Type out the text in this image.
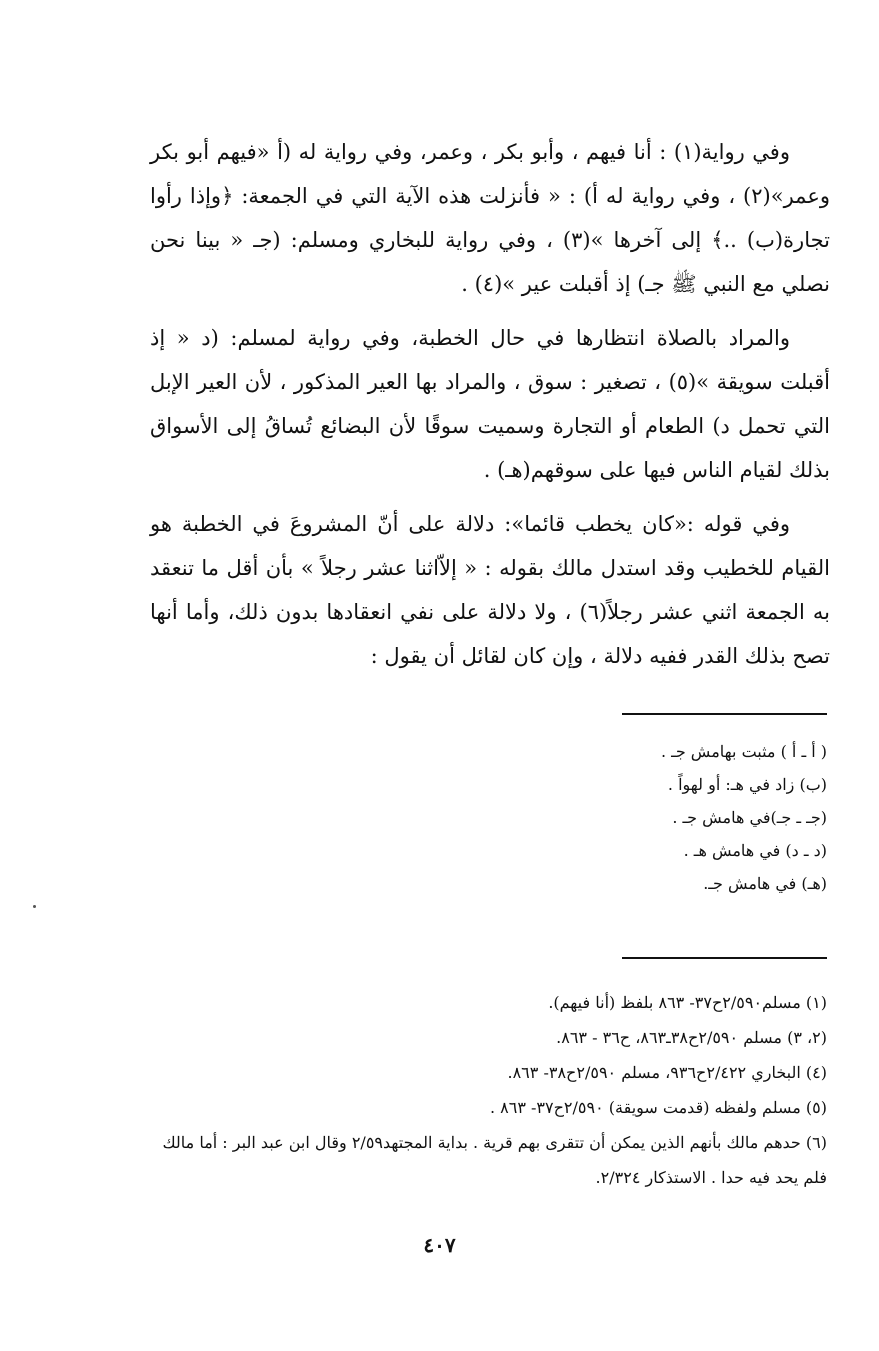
وفي رواية(١) : أنا فيهم ، وأبو بكر ، وعمر، وفي رواية له (أ «فيهم أبو بكر وعمر»(٢) ، وفي رواية له أ) : « فأنزلت هذه الآية التي في الجمعة: ﴿وإذا رأوا تجارة(ب) ..﴾ إلى آخرها »(٣) ، وفي رواية للبخاري ومسلم: (جـ « بينا نحن نصلي مع النبي ﷺ جـ) إذ أقبلت عير »(٤) .

والمراد بالصلاة انتظارها في حال الخطبة، وفي رواية لمسلم: (د « إذ أقبلت سويقة »(٥) ، تصغير : سوق ، والمراد بها العير المذكور ، لأن العير الإبل التي تحمل د) الطعام أو التجارة وسميت سوقًا لأن البضائع تُساقُ إلى الأسواق بذلك لقيام الناس فيها على سوقهم(هـ) .

وفي قوله :«كان يخطب قائما»: دلالة على أنّ المشروعَ في الخطبة هو القيام للخطيب وقد استدل مالك بقوله : « إلاّاثنا عشر رجلاً » بأن أقل ما تنعقد به الجمعة اثني عشر رجلاً(٦) ، ولا دلالة على نفي انعقادها بدون ذلك، وأما أنها تصح بذلك القدر ففيه دلالة ، وإن كان لقائل أن يقول :

( أ ـ أ ) مثبت بهامش جـ .
(ب) زاد في هـ: أو لهواً .
(جـ ـ جـ)في هامش جـ .
(د ـ د) في هامش هـ .
(هـ) في هامش جـ.
(١) مسلم٢/٥٩٠ح٣٧- ٨٦٣ بلفظ (أنا فيهم).
(٢، ٣) مسلم ٢/٥٩٠ح٣٨ـ٨٦٣، ح٣٦ - ٨٦٣.
(٤) البخاري ٢/٤٢٢ح٩٣٦، مسلم ٢/٥٩٠ح٣٨- ٨٦٣.
(٥) مسلم ولفظه (قدمت سويقة) ٢/٥٩٠ح٣٧- ٨٦٣ .
(٦) حدهم مالك بأنهم الذين يمكن أن تتقرى بهم قرية . بداية المجتهد٢/٥٩ وقال ابن عبد البر : أما مالك فلم يحد فيه حدا . الاستذكار ٢/٣٢٤.
٤٠٧
